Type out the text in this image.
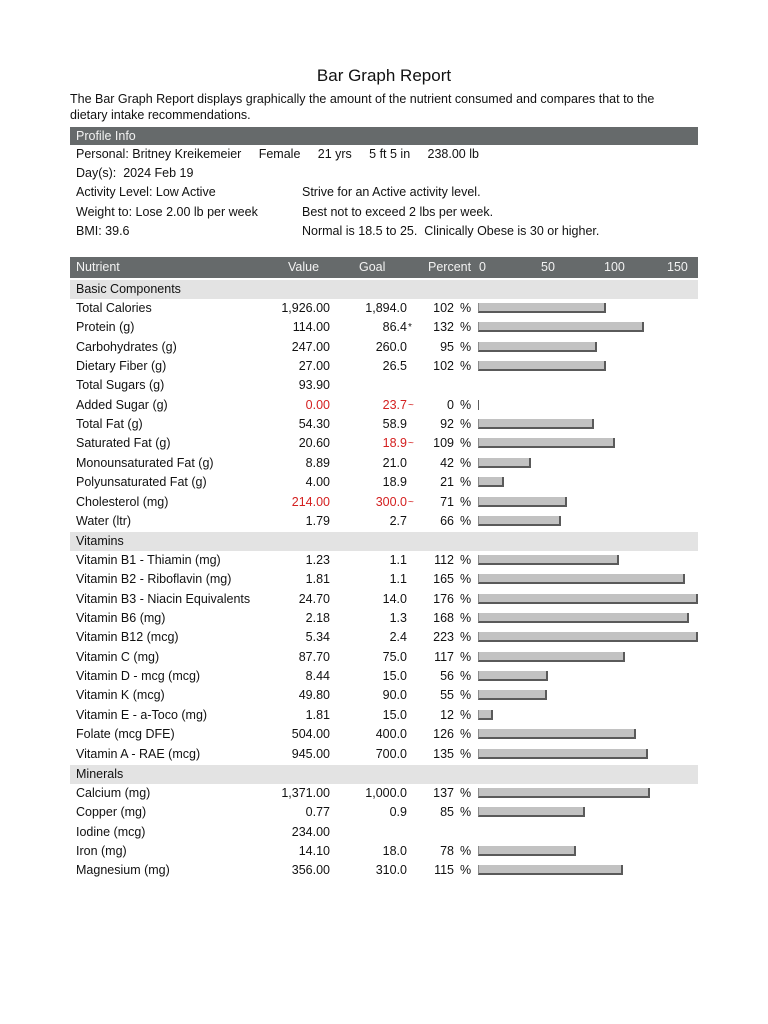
Bar Graph Report
The Bar Graph Report displays graphically the amount of the nutrient consumed and compares that to the dietary intake recommendations.
Profile Info
Personal: Britney Kreikemeier     Female     21 yrs     5 ft 5 in     238.00 lb
Day(s):  2024 Feb 19
Activity Level: Low Active	Strive for an Active activity level.
Weight to: Lose 2.00 lb per week	Best not to exceed 2 lbs per week.
BMI: 39.6	Normal is 18.5 to 25.  Clinically Obese is 30 or higher.
Nutrient	Value	Goal	Percent 0	50	100	150
Basic Components
Total Calories	1,926.00	1,894.0 102 %
Protein (g)	114.00	86.4 * 132 %
Carbohydrates (g)	247.00	260.0	95 %
Dietary Fiber (g)	27.00	26.5 102 %
Total Sugars (g)	93.90
Added Sugar (g)	0.00	23.7 ~	0 %
Total Fat (g)	54.30	58.9	92 %
Saturated Fat (g)	20.60	18.9 ~ 109 %
Monounsaturated Fat (g)	8.89	21.0	42 %
Polyunsaturated Fat (g)	4.00	18.9	21 %
Cholesterol (mg)	214.00	300.0 ~ 71 %
Water (ltr)	1.79	2.7	66 %
Vitamins
Vitamin B1 - Thiamin (mg)	1.23	1.1 112 %
Vitamin B2 - Riboflavin (mg)	1.81	1.1 165 %
Vitamin B3 - Niacin Equivalents	24.70	14.0 176 %
Vitamin B6 (mg)	2.18	1.3 168 %
Vitamin B12 (mcg)	5.34	2.4 223 %
Vitamin C (mg)	87.70	75.0 117 %
Vitamin D - mcg (mcg)	8.44	15.0	56 %
Vitamin K (mcg)	49.80	90.0	55 %
Vitamin E - a-Toco (mg)	1.81	15.0	12 %
Folate (mcg DFE)	504.00	400.0 126 %
Vitamin A - RAE (mcg)	945.00	700.0 135 %
Minerals
Calcium (mg)	1,371.00	1,000.0 137 %
Copper (mg)	0.77	0.9	85 %
Iodine (mcg)	234.00
Iron (mg)	14.10	18.0	78 %
Magnesium (mg)	356.00	310.0 115 %
